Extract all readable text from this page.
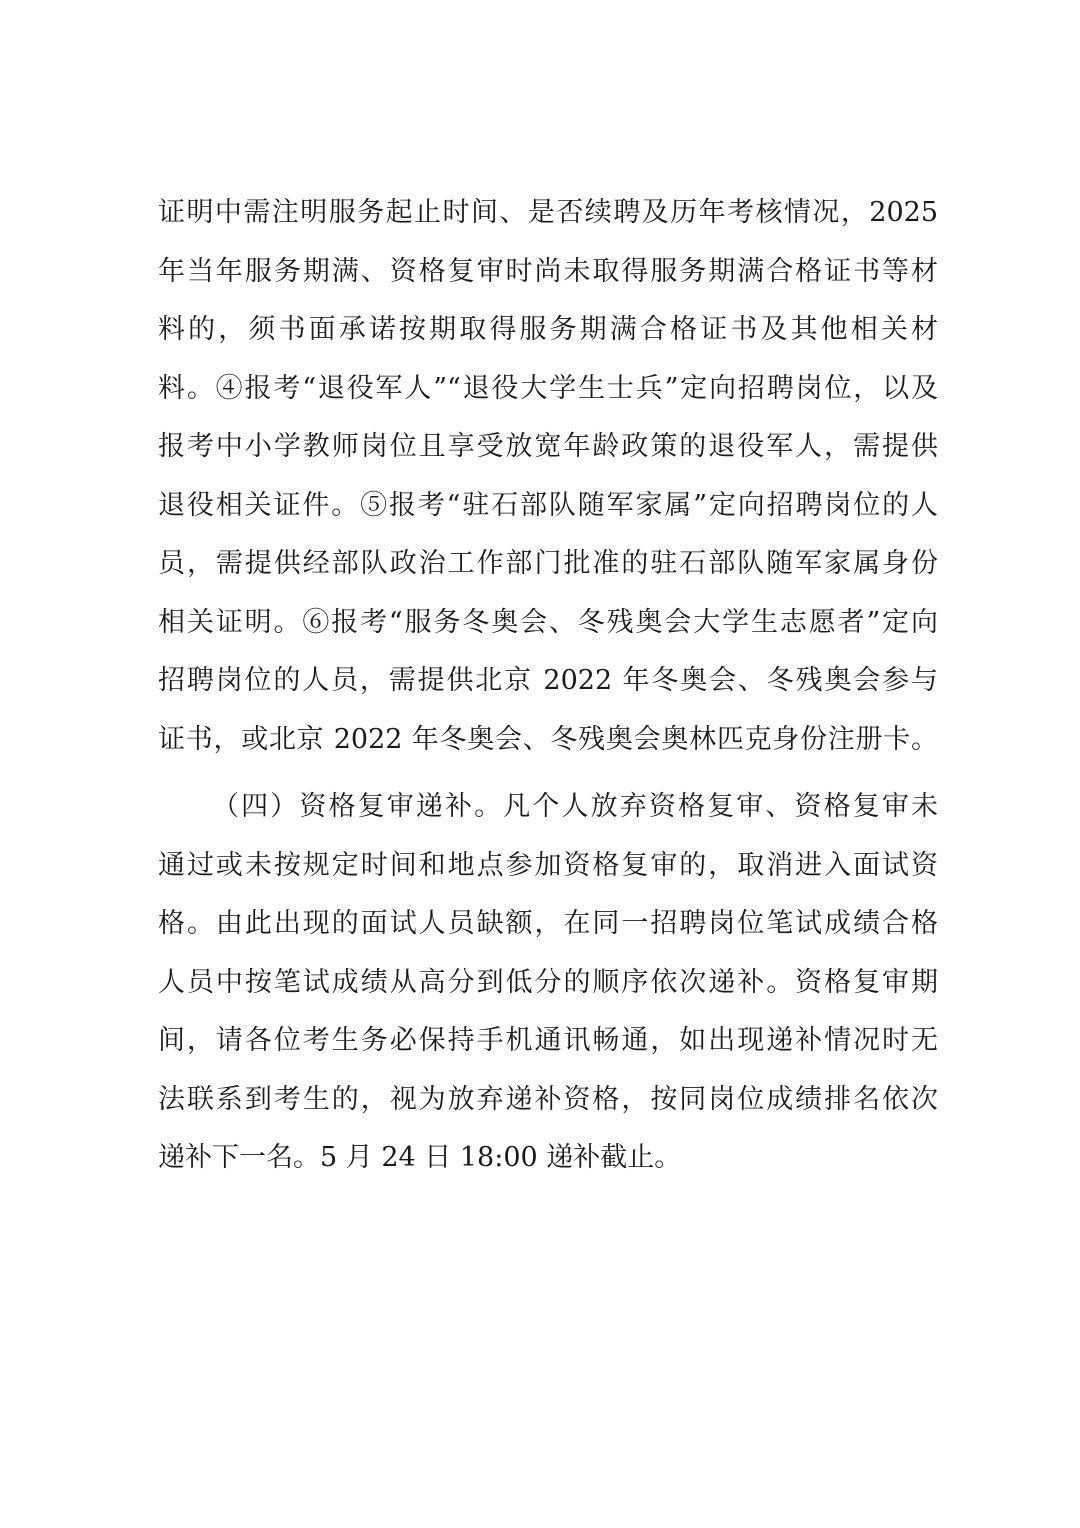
证明中需注明服务起止时间、是否续聘及历年考核情况，2025
年当年服务期满、资格复审时尚未取得服务期满合格证书等材
料的，须书面承诺按期取得服务期满合格证书及其他相关材
料。④报考“退役军人”“退役大学生士兵”定向招聘岗位，以及
报考中小学教师岗位且享受放宽年龄政策的退役军人，需提供
退役相关证件。⑤报考“驻石部队随军家属”定向招聘岗位的人
员，需提供经部队政治工作部门批准的驻石部队随军家属身份
相关证明。⑥报考“服务冬奥会、冬残奥会大学生志愿者”定向
招聘岗位的人员，需提供北京 2022 年冬奥会、冬残奥会参与
证书，或北京 2022 年冬奥会、冬残奥会奥林匹克身份注册卡。
（四）资格复审递补。凡个人放弃资格复审、资格复审未
通过或未按规定时间和地点参加资格复审的，取消进入面试资
格。由此出现的面试人员缺额，在同一招聘岗位笔试成绩合格
人员中按笔试成绩从高分到低分的顺序依次递补。资格复审期
间，请各位考生务必保持手机通讯畅通，如出现递补情况时无
法联系到考生的，视为放弃递补资格，按同岗位成绩排名依次
递补下一名。5 月 24 日 18:00 递补截止。
